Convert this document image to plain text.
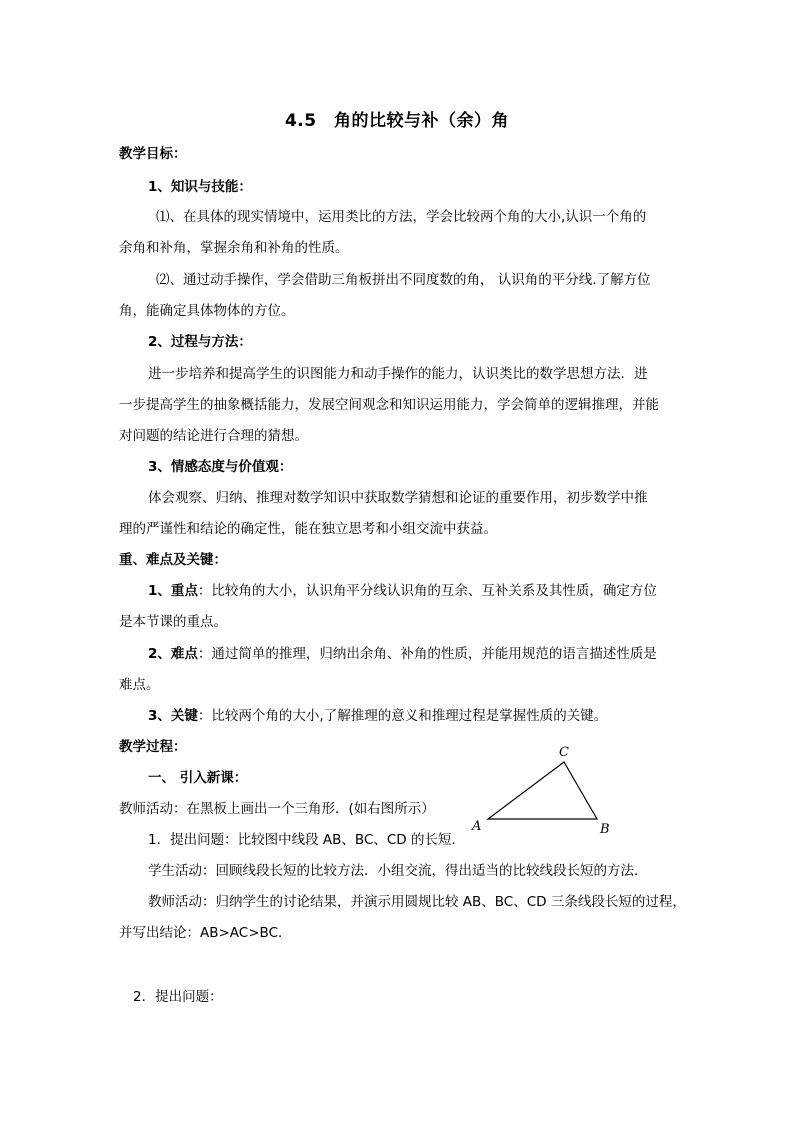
4.5　角的比较与补（余）角
教学目标：
1、知识与技能：
⑴、在具体的现实情境中，运用类比的方法，学会比较两个角的大小,认识一个角的
余角和补角，掌握余角和补角的性质。
⑵、通过动手操作，学会借助三角板拼出不同度数的角， 认识角的平分线.了解方位
角，能确定具体物体的方位。
2、过程与方法：
进一步培养和提高学生的识图能力和动手操作的能力，认识类比的数学思想方法．进
一步提高学生的抽象概括能力，发展空间观念和知识运用能力，学会简单的逻辑推理，并能
对问题的结论进行合理的猜想。
3、情感态度与价值观：
体会观察、归纳、推理对数学知识中获取数学猜想和论证的重要作用，初步数学中推
理的严谨性和结论的确定性，能在独立思考和小组交流中获益。
重、难点及关键：
1、重点：比较角的大小，认识角平分线认识角的互余、互补关系及其性质，确定方位
是本节课的重点。
2、难点：通过简单的推理，归纳出余角、补角的性质，并能用规范的语言描述性质是
难点。
3、关键：比较两个角的大小,了解推理的意义和推理过程是掌握性质的关键。
教学过程：
一、 引入新课：
教师活动：在黑板上画出一个三角形．(如右图所示）
1．提出问题：比较图中线段 AB、BC、CD 的长短．
学生活动：回顾线段长短的比较方法．小组交流，得出适当的比较线段长短的方法．
教师活动：归纳学生的讨论结果，并演示用圆规比较 AB、BC、CD 三条线段长短的过程，
并写出结论：AB>AC>BC．
2．提出问题：
A	B
C
